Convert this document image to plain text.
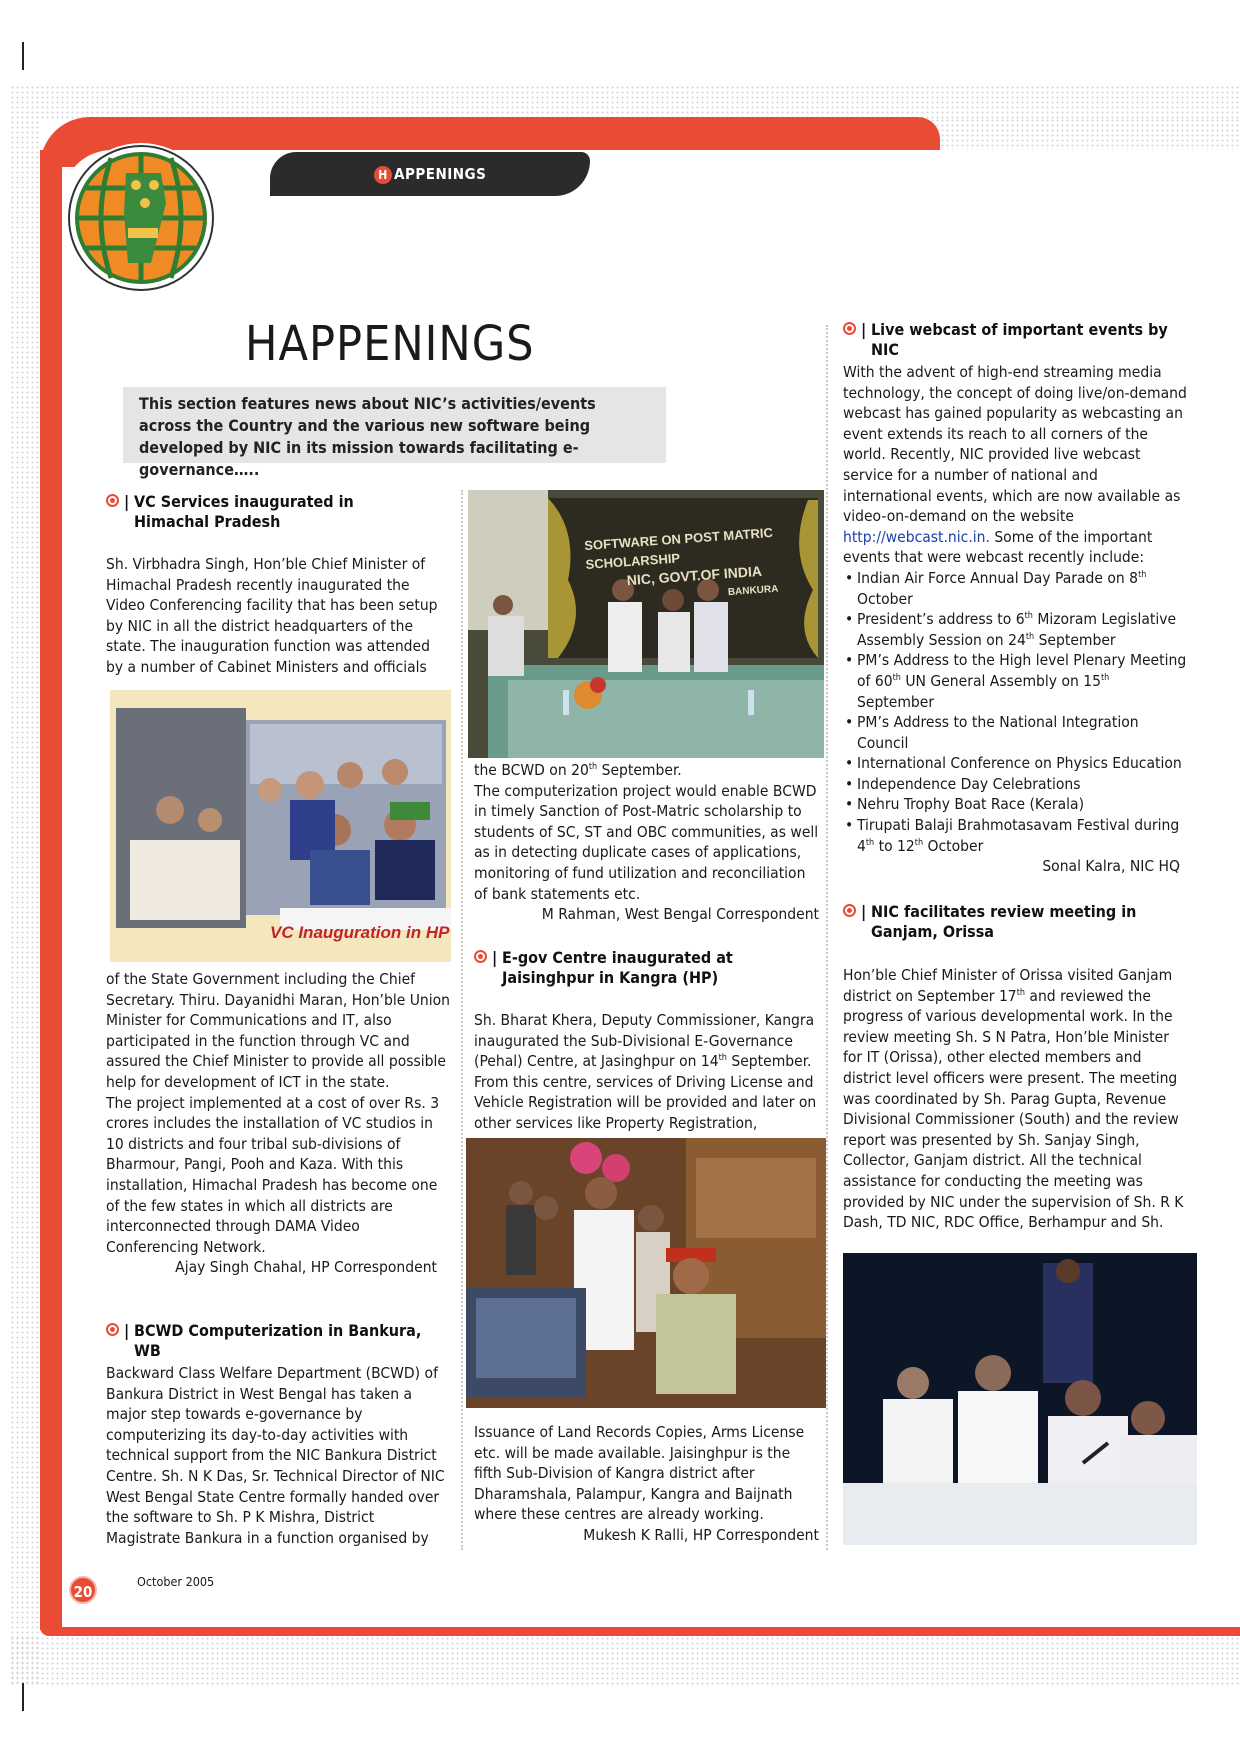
H APPENINGS
HAPPENINGS
This section features news about NIC’s activities/events across the Country and the various new software being developed by NIC in its mission towards facilitating e-governance…..
| VC Services inaugurated in Himachal Pradesh

Sh. Virbhadra Singh, Hon’ble Chief Minister of Himachal Pradesh recently inaugurated the Video Conferencing facility that has been setup by NIC in all the district headquarters of the state. The inauguration function was attended by a number of Cabinet Ministers and officials

VC Inauguration in HP

of the State Government including the Chief Secretary. Thiru. Dayanidhi Maran, Hon’ble Union Minister for Communications and IT, also participated in the function through VC and assured the Chief Minister to provide all possible help for development of ICT in the state.

The project implemented at a cost of over Rs. 3 crores includes the installation of VC studios in 10 districts and four tribal sub-divisions of Bharmour, Pangi, Pooh and Kaza. With this installation, Himachal Pradesh has become one of the few states in which all districts are interconnected through DAMA Video Conferencing Network.

Ajay Singh Chahal, HP Correspondent

| BCWD Computerization in Bankura, WB

Backward Class Welfare Department (BCWD) of Bankura District in West Bengal has taken a major step towards e-governance by computerizing its day-to-day activities with technical support from the NIC Bankura District Centre. Sh. N K Das, Sr. Technical Director of NIC West Bengal State Centre formally handed over the software to Sh. P K Mishra, District Magistrate Bankura in a function organised by

SOFTWARE ON POST MATRIC SCHOLARSHIP
NIC, GOVT.OF INDIA
BANKURA

the BCWD on 20th September.

The computerization project would enable BCWD in timely Sanction of Post-Matric scholarship to students of SC, ST and OBC communities, as well as in detecting duplicate cases of applications, monitoring of fund utilization and reconciliation of bank statements etc.

M Rahman, West Bengal Correspondent

| E-gov Centre inaugurated at Jaisinghpur in Kangra (HP)

Sh. Bharat Khera, Deputy Commissioner, Kangra inaugurated the Sub-Divisional E-Governance (Pehal) Centre, at Jasinghpur on 14th September. From this centre, services of Driving License and Vehicle Registration will be provided and later on other services like Property Registration,

Issuance of Land Records Copies, Arms License etc. will be made available. Jaisinghpur is the fifth Sub-Division of Kangra district after Dharamshala, Palampur, Kangra and Baijnath where these centres are already working.

Mukesh K Ralli, HP Correspondent

| Live webcast of important events by NIC

With the advent of high-end streaming media technology, the concept of doing live/on-demand webcast has gained popularity as webcasting an event extends its reach to all corners of the world. Recently, NIC provided live webcast service for a number of national and international events, which are now available as video-on-demand on the website http://webcast.nic.in. Some of the important events that were webcast recently include:

• Indian Air Force Annual Day Parade on 8th October
• President’s address to 6th Mizoram Legislative Assembly Session on 24th September
• PM’s Address to the High level Plenary Meeting of 60th UN General Assembly on 15th September
• PM’s Address to the National Integration Council
• International Conference on Physics Education
• Independence Day Celebrations
• Nehru Trophy Boat Race (Kerala)
• Tirupati Balaji Brahmotasavam Festival during 4th to 12th October

Sonal Kalra, NIC HQ

| NIC facilitates review meeting in Ganjam, Orissa

Hon’ble Chief Minister of Orissa visited Ganjam district on September 17th and reviewed the progress of various developmental work. In the review meeting Sh. S N Patra, Hon’ble Minister for IT (Orissa), other elected members and district level officers were present. The meeting was coordinated by Sh. Parag Gupta, Revenue Divisional Commissioner (South) and the review report was presented by Sh. Sanjay Singh, Collector, Ganjam district. All the technical assistance for conducting the meeting was provided by NIC under the supervision of Sh. R K Dash, TD NIC, RDC Office, Berhampur and Sh.

20
October 2005
